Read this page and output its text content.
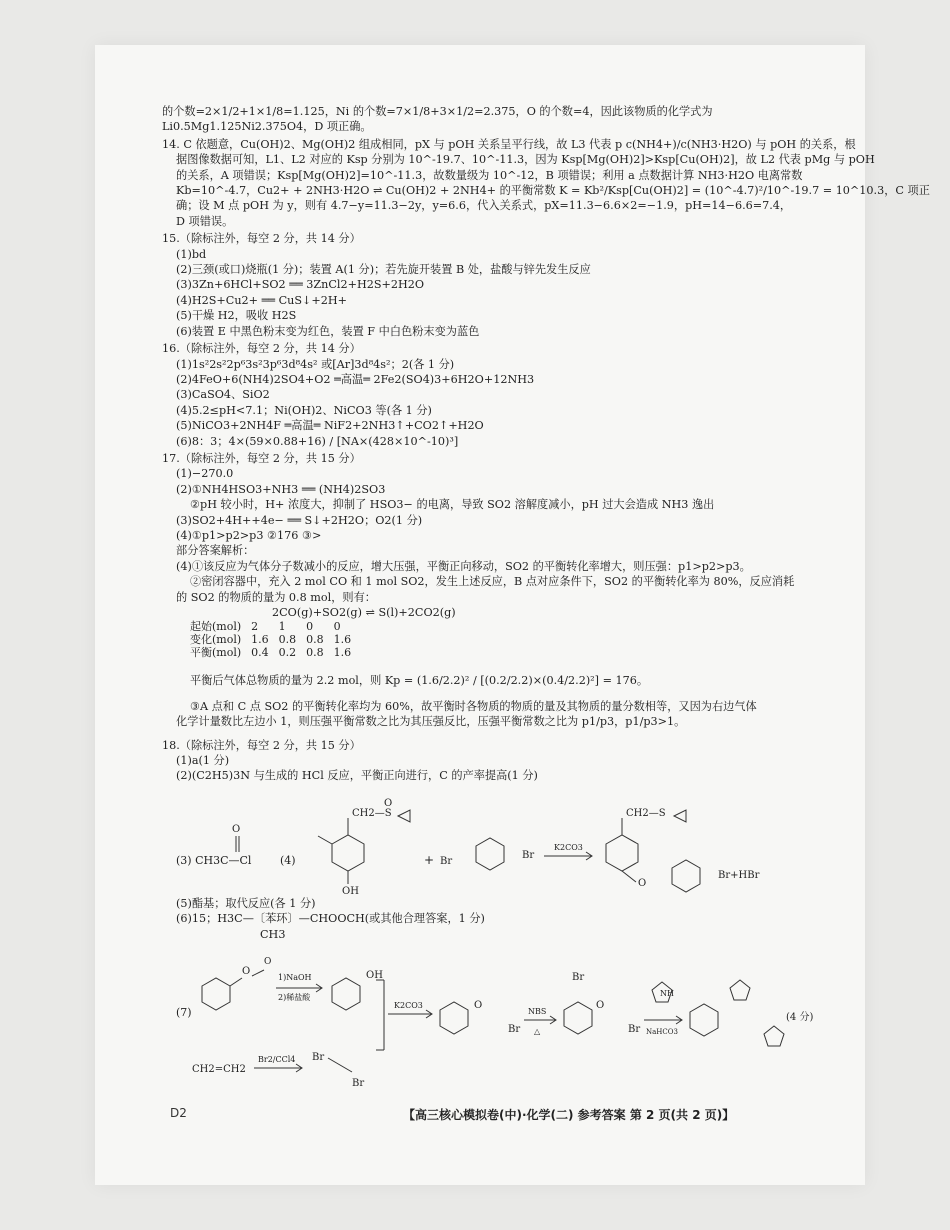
的个数=2×1/2+1×1/8=1.125，Ni 的个数=7×1/8+3×1/2=2.375，O 的个数=4，因此该物质的化学式为
Li0.5Mg1.125Ni2.375O4，D 项正确。
14. C 依题意，Cu(OH)2、Mg(OH)2 组成相同，pX 与 pOH 关系呈平行线，故 L3 代表 p c(NH4+)/c(NH3·H2O) 与 pOH 的关系，根
据图像数据可知，L1、L2 对应的 Ksp 分别为 10^-19.7、10^-11.3，因为 Ksp[Mg(OH)2]>Ksp[Cu(OH)2]，故 L2 代表 pMg 与 pOH
的关系，A 项错误；Ksp[Mg(OH)2]=10^-11.3，故数量级为 10^-12，B 项错误；利用 a 点数据计算 NH3·H2O 电离常数
Kb=10^-4.7，Cu2+ + 2NH3·H2O ⇌ Cu(OH)2 + 2NH4+ 的平衡常数 K = Kb²/Ksp[Cu(OH)2] = (10^-4.7)²/10^-19.7 = 10^10.3，C 项正
确；设 M 点 pOH 为 y，则有 4.7−y=11.3−2y，y=6.6，代入关系式，pX=11.3−6.6×2=−1.9，pH=14−6.6=7.4，
D 项错误。
15.（除标注外，每空 2 分，共 14 分）
(1)bd
(2)三颈(或口)烧瓶(1 分)；装置 A(1 分)；若先旋开装置 B 处，盐酸与锌先发生反应
(3)3Zn+6HCl+SO2 ══ 3ZnCl2+H2S+2H2O
(4)H2S+Cu2+ ══ CuS↓+2H+
(5)干燥 H2，吸收 H2S
(6)装置 E 中黑色粉末变为红色，装置 F 中白色粉末变为蓝色
16.（除标注外，每空 2 分，共 14 分）
(1)1s²2s²2p⁶3s²3p⁶3d⁸4s² 或[Ar]3d⁸4s²；2(各 1 分)
(2)4FeO+6(NH4)2SO4+O2 ═高温═ 2Fe2(SO4)3+6H2O+12NH3
(3)CaSO4、SiO2
(4)5.2≤pH<7.1；Ni(OH)2、NiCO3 等(各 1 分)
(5)NiCO3+2NH4F ═高温═ NiF2+2NH3↑+CO2↑+H2O
(6)8：3；4×(59×0.88+16) / [NA×(428×10^-10)³]
17.（除标注外，每空 2 分，共 15 分）
(1)−270.0
(2)①NH4HSO3+NH3 ══ (NH4)2SO3
②pH 较小时，H+ 浓度大，抑制了 HSO3− 的电离，导致 SO2 溶解度减小，pH 过大会造成 NH3 逸出
(3)SO2+4H++4e− ══ S↓+2H2O；O2(1 分)
(4)①p1>p2>p3 ②176 ③>
部分答案解析：
(4)①该反应为气体分子数减小的反应，增大压强，平衡正向移动，SO2 的平衡转化率增大，则压强：p1>p2>p3。
②密闭容器中，充入 2 mol CO 和 1 mol SO2，发生上述反应，B 点对应条件下，SO2 的平衡转化率为 80%，反应消耗
的 SO2 的物质的量为 0.8 mol，则有：
2CO(g)+SO2(g) ⇌ S(l)+2CO2(g)
起始(mol)	2	1	0	0
变化(mol)	1.6	0.8	0.8	1.6
平衡(mol)	0.4	0.2	0.8	1.6
平衡后气体总物质的量为 2.2 mol，则 Kp = (1.6/2.2)² / [(0.2/2.2)×(0.4/2.2)²] = 176。
③A 点和 C 点 SO2 的平衡转化率均为 60%，故平衡时各物质的物质的量及其物质的量分数相等，又因为右边气体
化学计量数比左边小 1，则压强平衡常数之比为其压强反比，压强平衡常数之比为 p1/p3，p1/p3>1。
18.（除标注外，每空 2 分，共 15 分）
(1)a(1 分)
(2)(C2H5)3N 与生成的 HCl 反应，平衡正向进行，C 的产率提高(1 分)
(3) CH3C—Cl
O
(4)
CH2—S
OH
O
+ Br
Br
K2CO3
CH2—S
O
Br+HBr
(5)酯基；取代反应(各 1 分)
(6)15；H3C—〔苯环〕—CHOOCH(或其他合理答案，1 分)
CH3
(7)
O
O
1)NaOH
2)稀盐酸
OH
K2CO3	O
Br
NBS
△
Br
O
Br NaHCO3
NH
(4 分)
CH2=CH2
Br2/CCl4 Br
Br
D2	【高三核心模拟卷(中)·化学(二) 参考答案 第 2 页(共 2 页)】
